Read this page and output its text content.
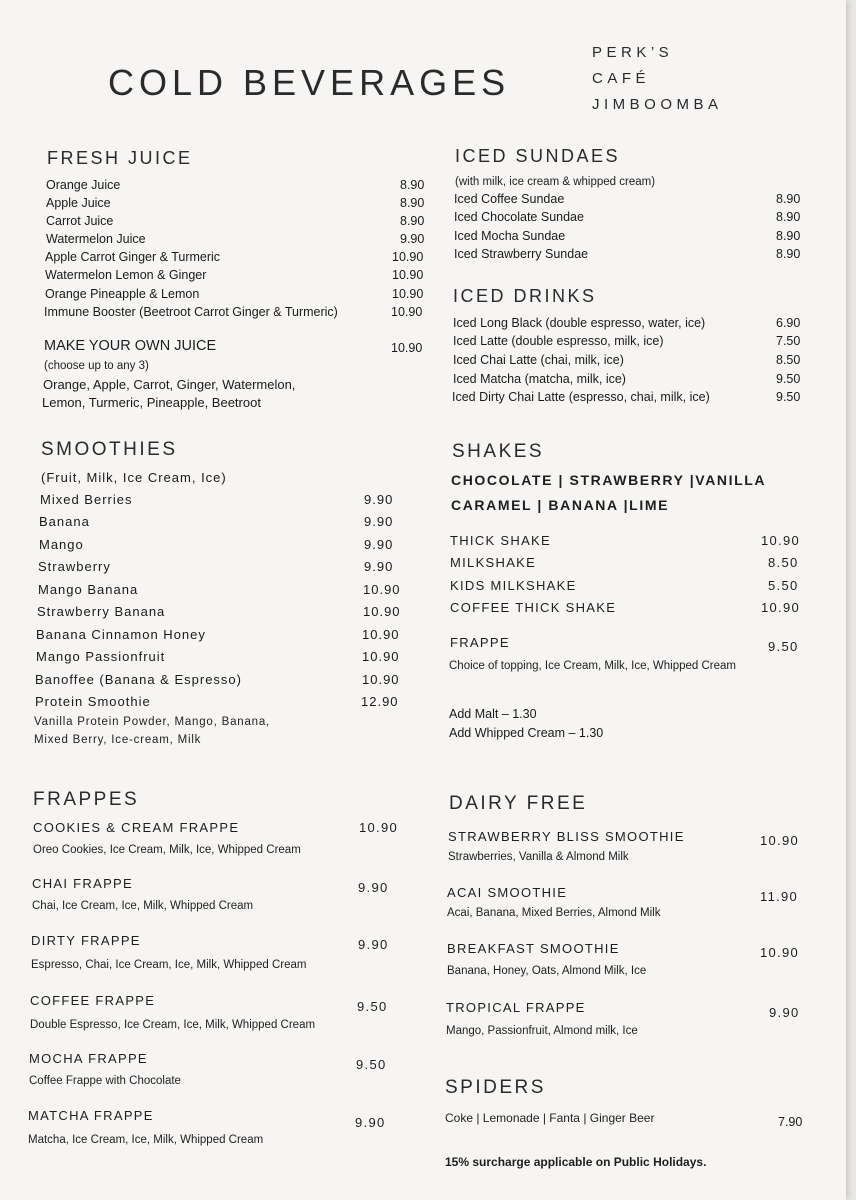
COLD BEVERAGES
PERK’S
CAFÉ
JIMBOOMBA
FRESH JUICE
Orange Juice	8.90
Apple Juice	8.90
Carrot Juice	8.90
Watermelon Juice	9.90
Apple Carrot Ginger & Turmeric	10.90
Watermelon Lemon & Ginger	10.90
Orange Pineapple & Lemon	10.90
Immune Booster (Beetroot Carrot Ginger & Turmeric)	10.90
MAKE YOUR OWN JUICE	10.90
(choose up to any 3)
Orange, Apple, Carrot, Ginger, Watermelon,
Lemon, Turmeric, Pineapple, Beetroot
SMOOTHIES
(Fruit, Milk, Ice Cream, Ice)
Mixed Berries	9.90
Banana	9.90
Mango	9.90
Strawberry	9.90
Mango Banana	10.90
Strawberry Banana	10.90
Banana Cinnamon Honey	10.90
Mango Passionfruit	10.90
Banoffee (Banana & Espresso)	10.90
Protein Smoothie	12.90
Vanilla Protein Powder, Mango, Banana,
Mixed Berry, Ice-cream, Milk
FRAPPES
COOKIES & CREAM FRAPPE	10.90
Oreo Cookies, Ice Cream, Milk, Ice, Whipped Cream
CHAI FRAPPE	9.90
Chai, Ice Cream, Ice, Milk, Whipped Cream
DIRTY FRAPPE	9.90
Espresso, Chai, Ice Cream, Ice, Milk, Whipped Cream
COFFEE FRAPPE	9.50
Double Espresso, Ice Cream, Ice, Milk, Whipped Cream
MOCHA FRAPPE	9.50
Coffee Frappe with Chocolate
MATCHA FRAPPE	9.90
Matcha, Ice Cream, Ice, Milk, Whipped Cream
ICED SUNDAES
(with milk, ice cream & whipped cream)
Iced Coffee Sundae	8.90
Iced Chocolate Sundae	8.90
Iced Mocha Sundae	8.90
Iced Strawberry Sundae	8.90
ICED DRINKS
Iced Long Black (double espresso, water, ice)	6.90
Iced Latte (double espresso, milk, ice)	7.50
Iced Chai Latte (chai, milk, ice)	8.50
Iced Matcha (matcha, milk, ice)	9.50
Iced Dirty Chai Latte (espresso, chai, milk, ice)	9.50
SHAKES
CHOCOLATE | STRAWBERRY |VANILLA
CARAMEL | BANANA |LIME
THICK SHAKE	10.90
MILKSHAKE	8.50
KIDS MILKSHAKE	5.50
COFFEE THICK SHAKE	10.90
FRAPPE	9.50
Choice of topping, Ice Cream, Milk, Ice, Whipped Cream
Add Malt – 1.30
Add Whipped Cream – 1.30
DAIRY FREE
STRAWBERRY BLISS SMOOTHIE	10.90
Strawberries, Vanilla & Almond Milk
ACAI SMOOTHIE	11.90
Acai, Banana, Mixed Berries, Almond Milk
BREAKFAST SMOOTHIE	10.90
Banana, Honey, Oats, Almond Milk, Ice
TROPICAL FRAPPE	9.90
Mango, Passionfruit, Almond milk, Ice
SPIDERS
Coke | Lemonade | Fanta | Ginger Beer	7.90
15% surcharge applicable on Public Holidays.
